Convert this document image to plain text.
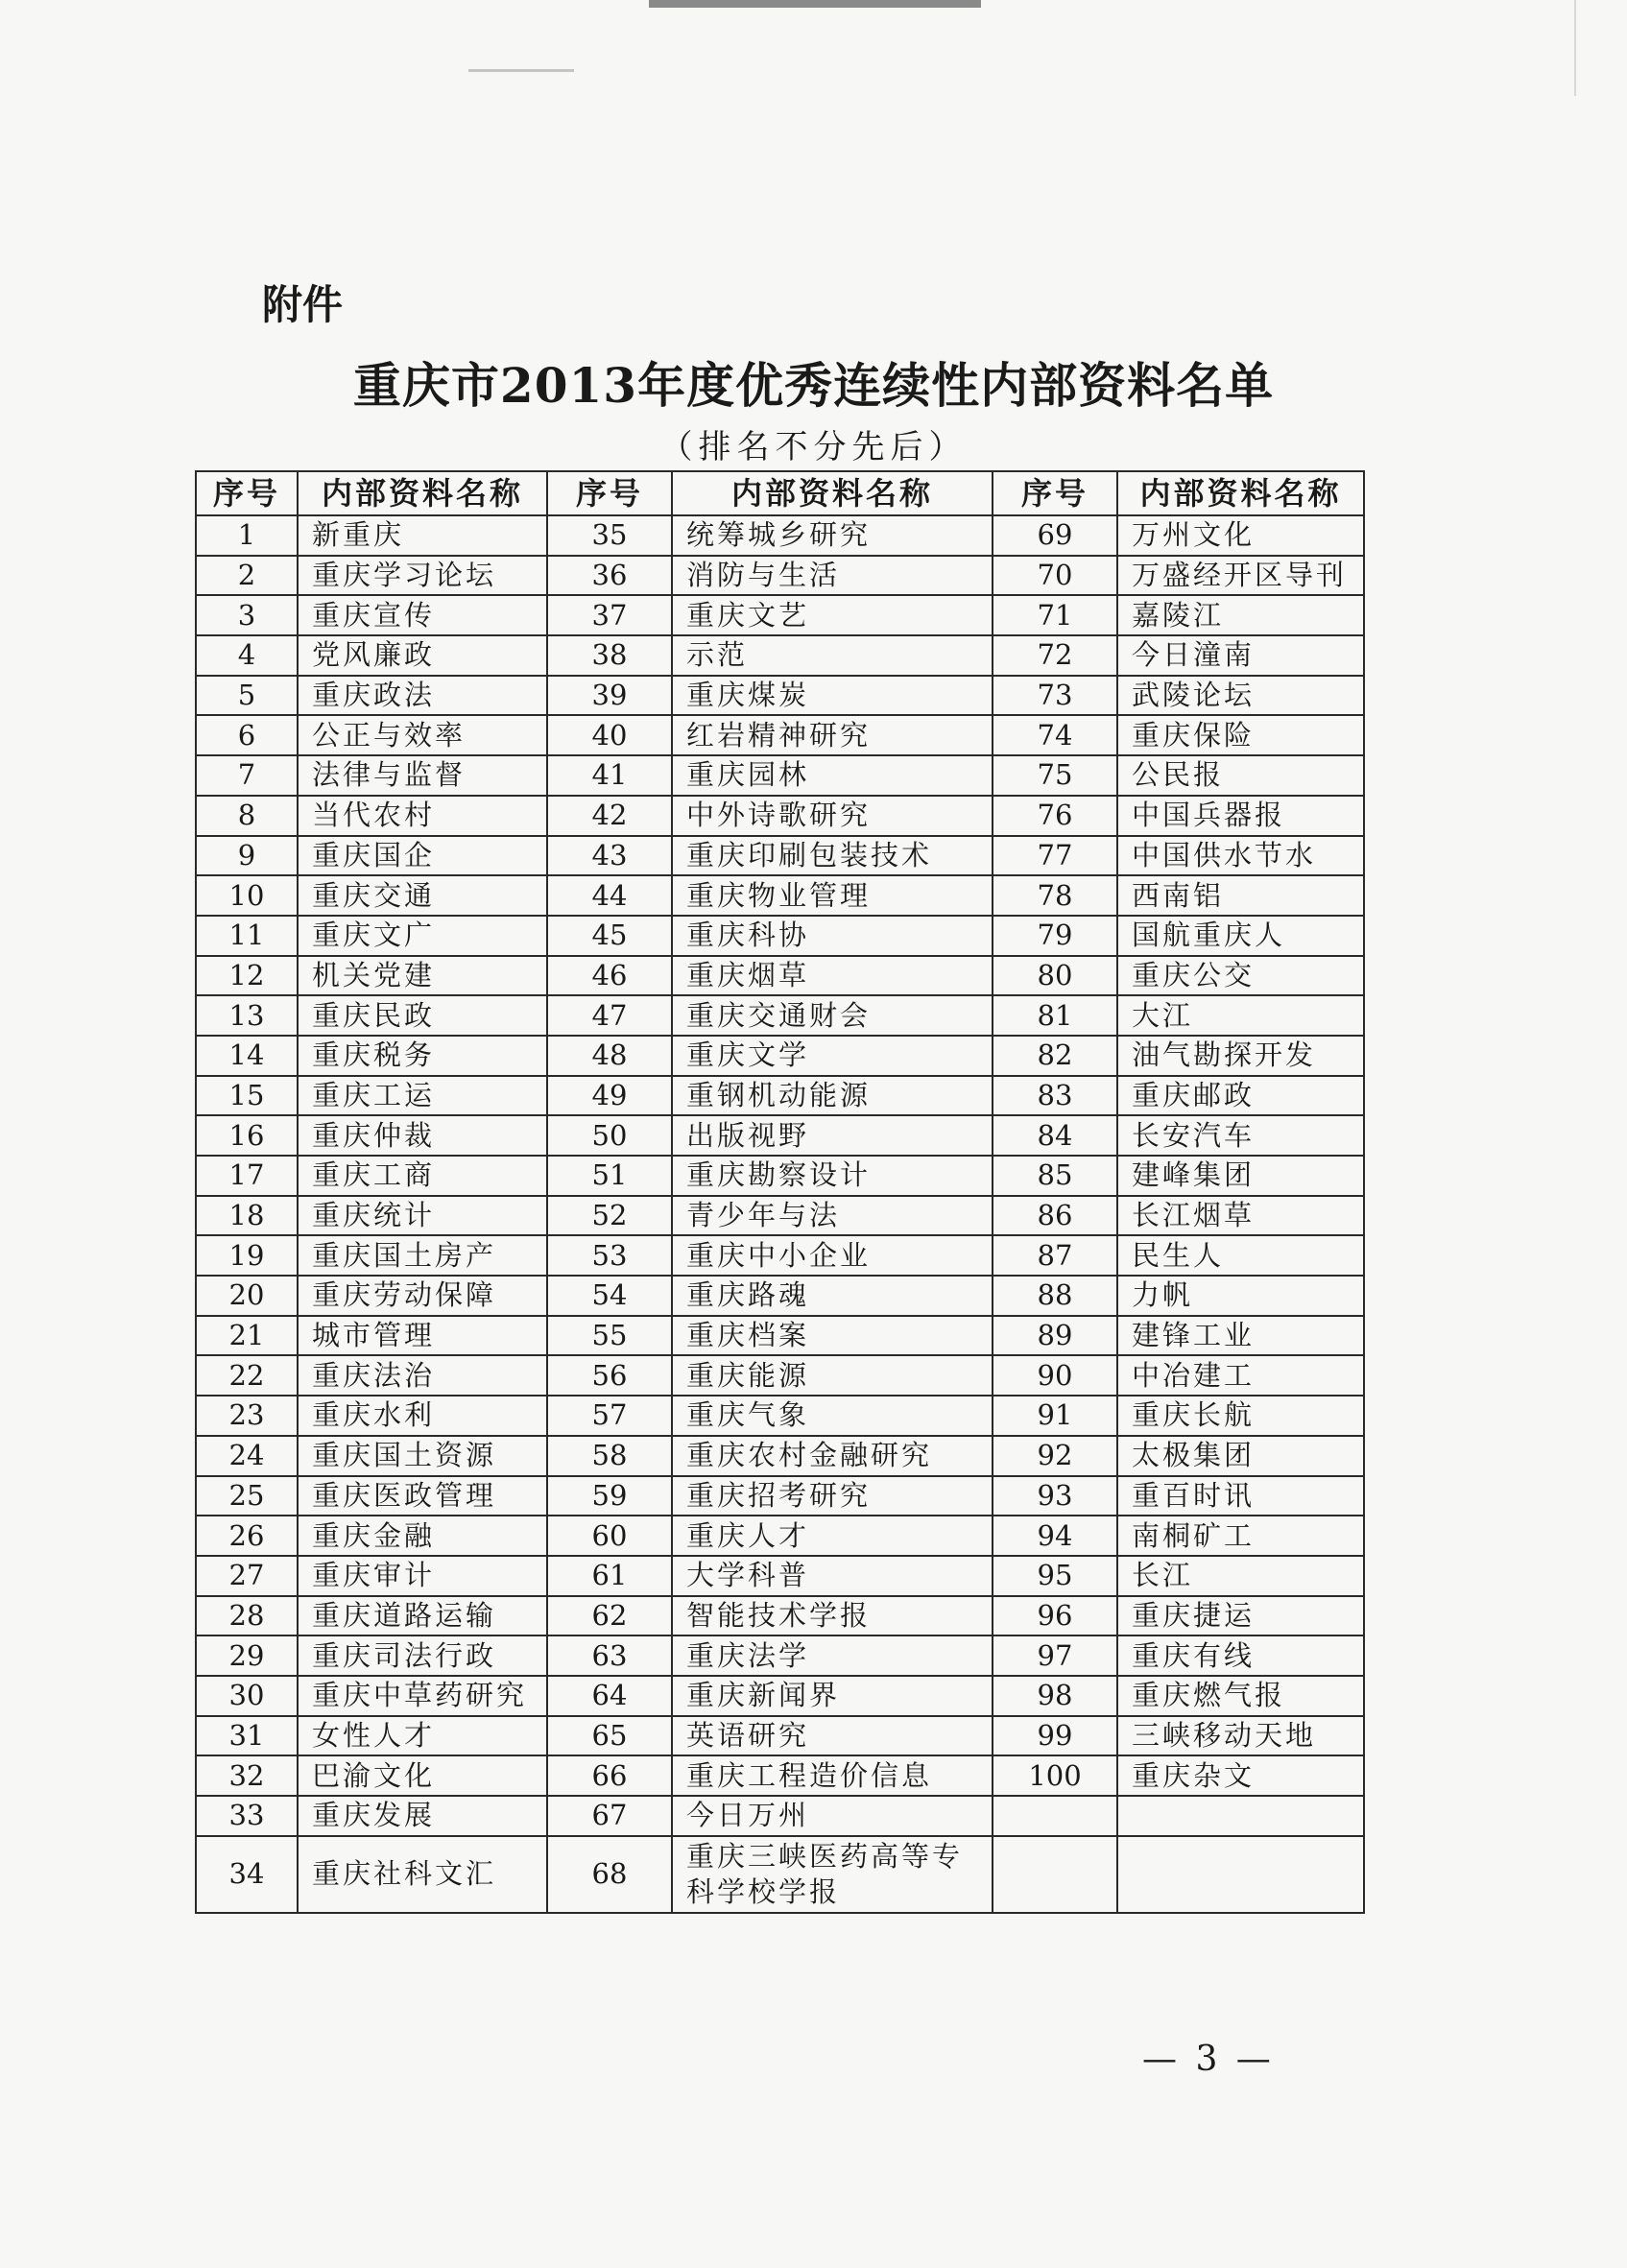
附件
重庆市2013年度优秀连续性内部资料名单
（排名不分先后）
序号	内部资料名称	序号	内部资料名称	序号	内部资料名称
1	新重庆	35	统筹城乡研究	69	万州文化
2	重庆学习论坛	36	消防与生活	70	万盛经开区导刊
3	重庆宣传	37	重庆文艺	71	嘉陵江
4	党风廉政	38	示范	72	今日潼南
5	重庆政法	39	重庆煤炭	73	武陵论坛
6	公正与效率	40	红岩精神研究	74	重庆保险
7	法律与监督	41	重庆园林	75	公民报
8	当代农村	42	中外诗歌研究	76	中国兵器报
9	重庆国企	43	重庆印刷包装技术	77	中国供水节水
10	重庆交通	44	重庆物业管理	78	西南铝
11	重庆文广	45	重庆科协	79	国航重庆人
12	机关党建	46	重庆烟草	80	重庆公交
13	重庆民政	47	重庆交通财会	81	大江
14	重庆税务	48	重庆文学	82	油气勘探开发
15	重庆工运	49	重钢机动能源	83	重庆邮政
16	重庆仲裁	50	出版视野	84	长安汽车
17	重庆工商	51	重庆勘察设计	85	建峰集团
18	重庆统计	52	青少年与法	86	长江烟草
19	重庆国土房产	53	重庆中小企业	87	民生人
20	重庆劳动保障	54	重庆路魂	88	力帆
21	城市管理	55	重庆档案	89	建锋工业
22	重庆法治	56	重庆能源	90	中冶建工
23	重庆水利	57	重庆气象	91	重庆长航
24	重庆国土资源	58	重庆农村金融研究	92	太极集团
25	重庆医政管理	59	重庆招考研究	93	重百时讯
26	重庆金融	60	重庆人才	94	南桐矿工
27	重庆审计	61	大学科普	95	长江
28	重庆道路运输	62	智能技术学报	96	重庆捷运
29	重庆司法行政	63	重庆法学	97	重庆有线
30	重庆中草药研究	64	重庆新闻界	98	重庆燃气报
31	女性人才	65	英语研究	99	三峡移动天地
32	巴渝文化	66	重庆工程造价信息	100	重庆杂文
33	重庆发展	67	今日万州		
34	重庆社科文汇	68	重庆三峡医药高等专科学校学报		
— 3 —
